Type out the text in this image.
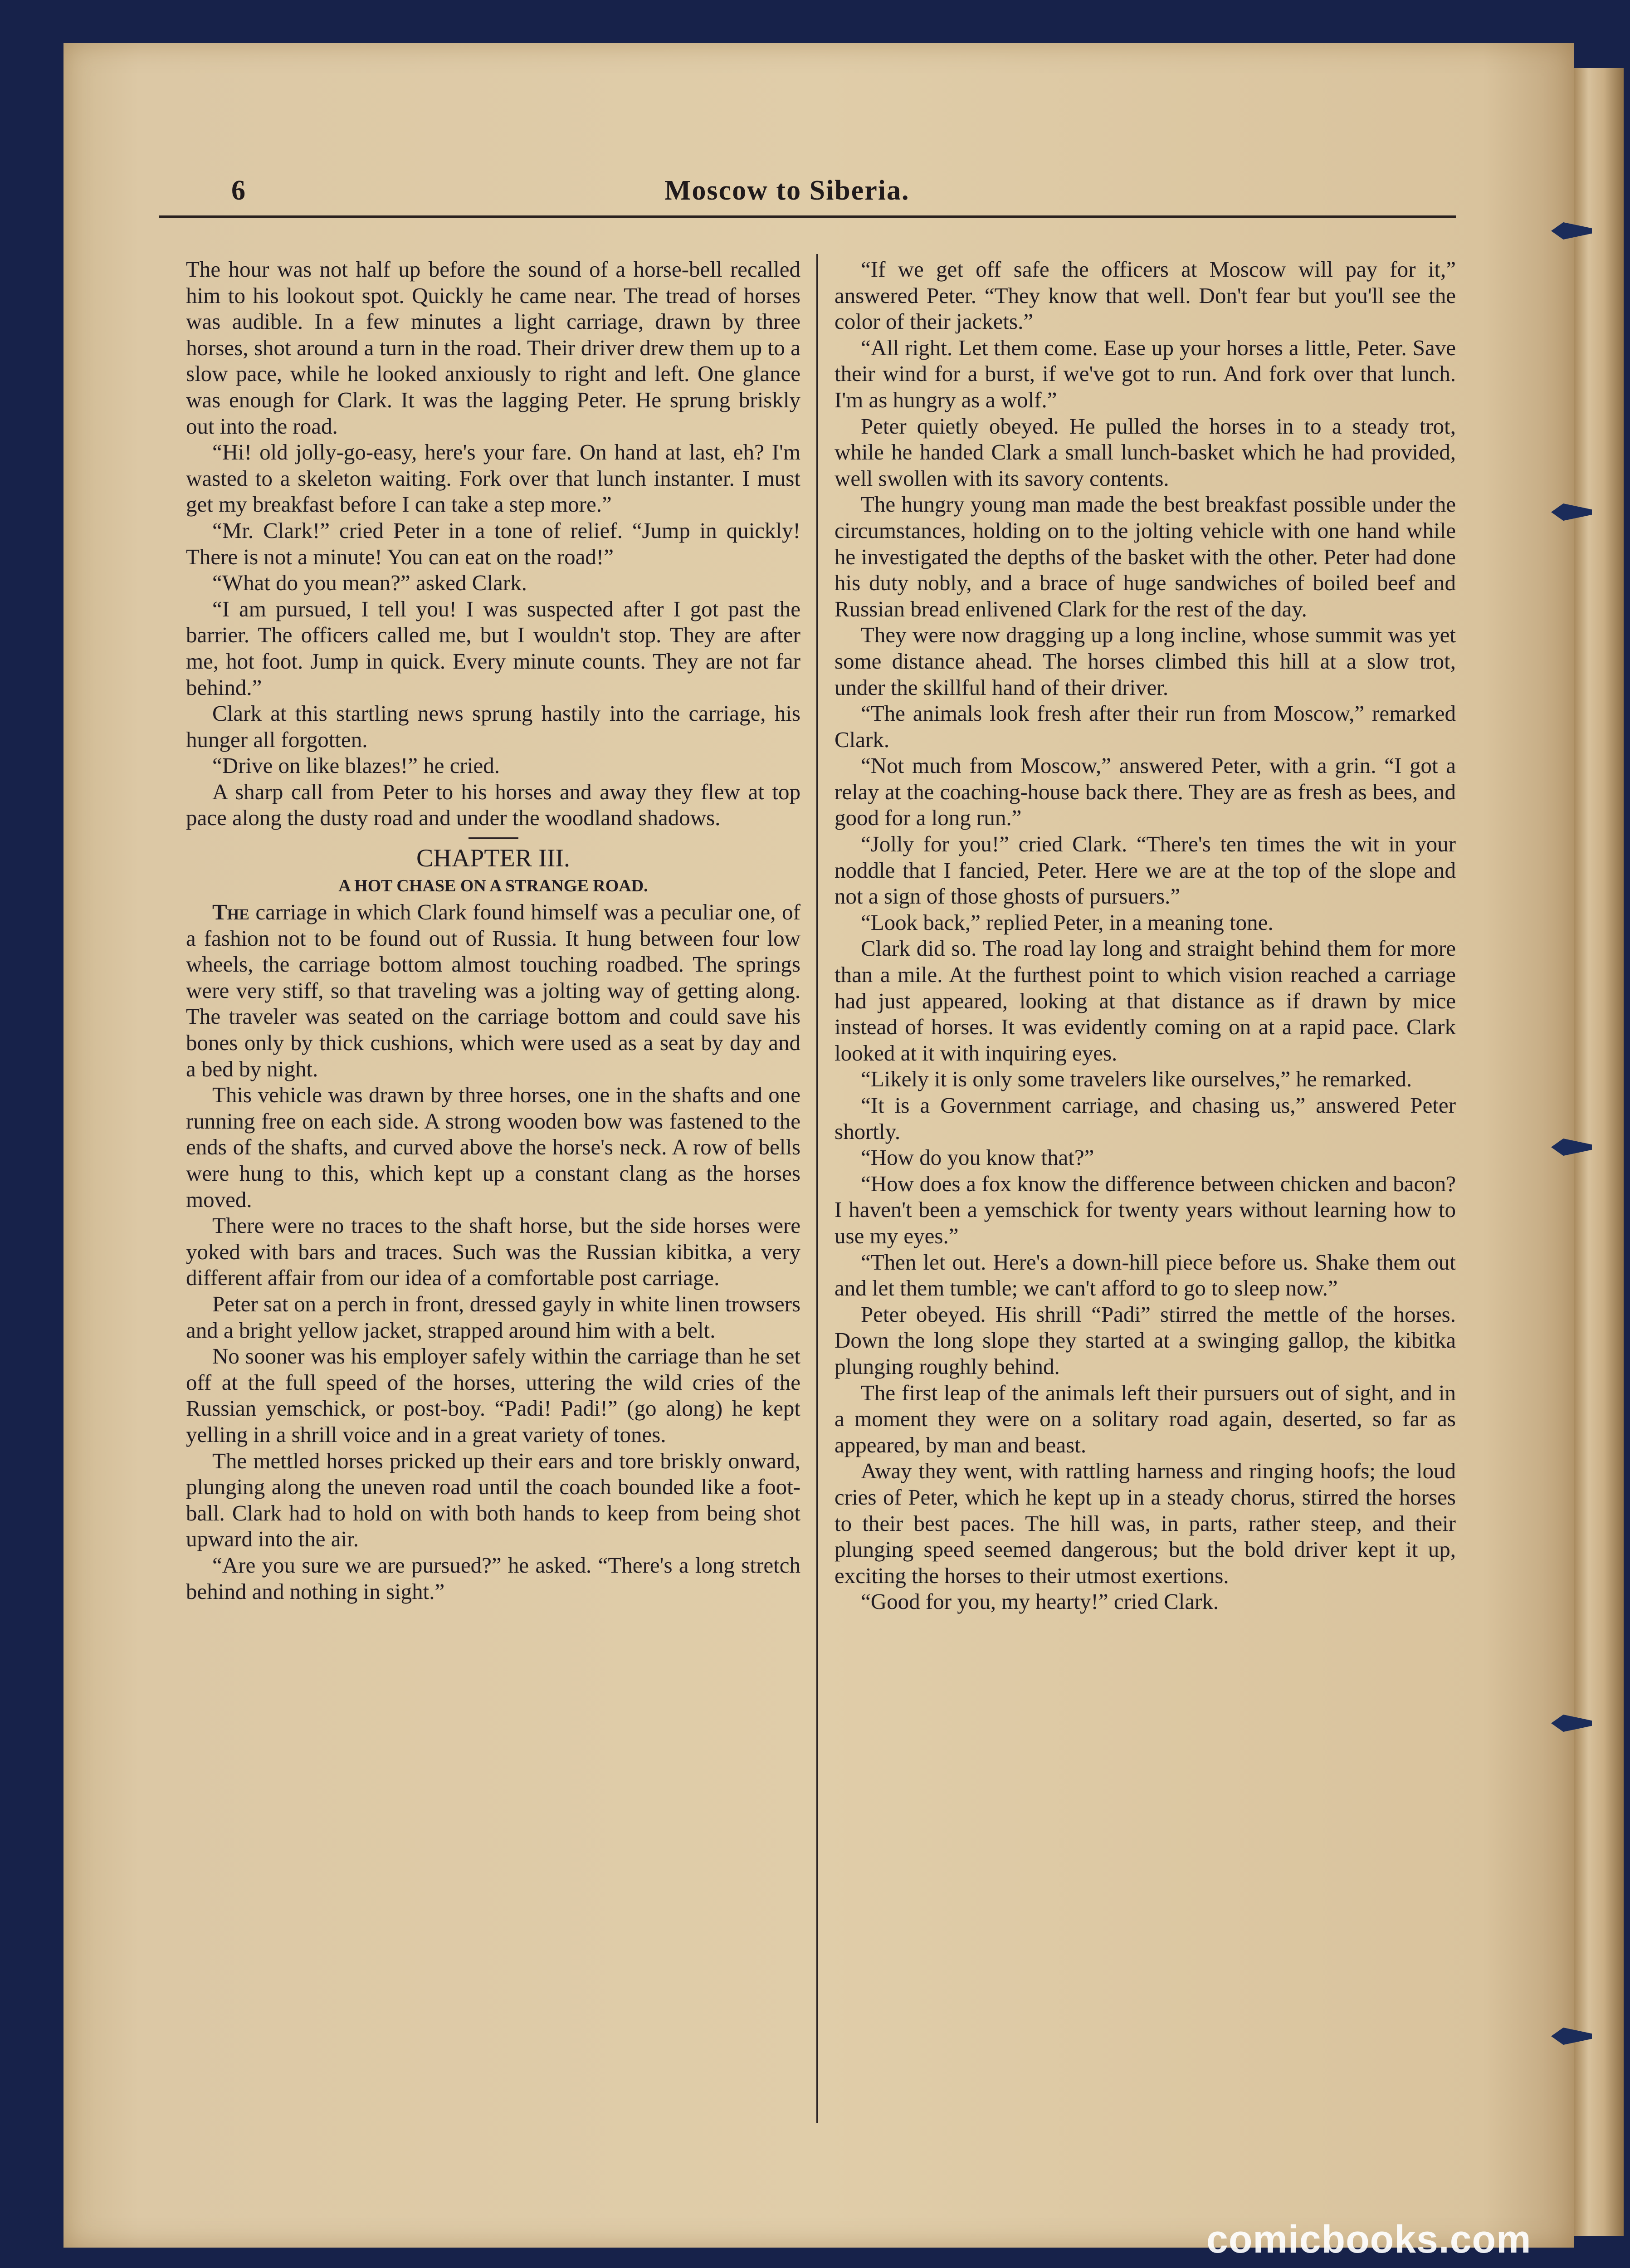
6	Moscow to Siberia.

The hour was not half up before the sound of a horse-bell recalled him to his lookout spot. Quickly he came near. The tread of horses was audible. In a few minutes a light carriage, drawn by three horses, shot around a turn in the road. Their driver drew them up to a slow pace, while he looked anxiously to right and left. One glance was enough for Clark. It was the lagging Peter. He sprung briskly out into the road.

“Hi! old jolly-go-easy, here's your fare. On hand at last, eh? I'm wasted to a skeleton waiting. Fork over that lunch instanter. I must get my breakfast before I can take a step more.”

“Mr. Clark!” cried Peter in a tone of relief. “Jump in quickly! There is not a minute! You can eat on the road!”

“What do you mean?” asked Clark.

“I am pursued, I tell you! I was suspected after I got past the barrier. The officers called me, but I wouldn't stop. They are after me, hot foot. Jump in quick. Every minute counts. They are not far behind.”

Clark at this startling news sprung hastily into the carriage, his hunger all forgotten.

“Drive on like blazes!” he cried.

A sharp call from Peter to his horses and away they flew at top pace along the dusty road and under the woodland shadows.

CHAPTER III.
A HOT CHASE ON A STRANGE ROAD.

The carriage in which Clark found himself was a peculiar one, of a fashion not to be found out of Russia. It hung between four low wheels, the carriage bottom almost touching roadbed. The springs were very stiff, so that traveling was a jolting way of getting along. The traveler was seated on the carriage bottom and could save his bones only by thick cushions, which were used as a seat by day and a bed by night.

This vehicle was drawn by three horses, one in the shafts and one running free on each side. A strong wooden bow was fastened to the ends of the shafts, and curved above the horse's neck. A row of bells were hung to this, which kept up a constant clang as the horses moved.

There were no traces to the shaft horse, but the side horses were yoked with bars and traces. Such was the Russian kibitka, a very different affair from our idea of a comfortable post carriage.

Peter sat on a perch in front, dressed gayly in white linen trowsers and a bright yellow jacket, strapped around him with a belt.

No sooner was his employer safely within the carriage than he set off at the full speed of the horses, uttering the wild cries of the Russian yemschick, or post-boy. “Padi! Padi!” (go along) he kept yelling in a shrill voice and in a great variety of tones.

The mettled horses pricked up their ears and tore briskly onward, plunging along the uneven road until the coach bounded like a foot-ball. Clark had to hold on with both hands to keep from being shot upward into the air.

“Are you sure we are pursued?” he asked. “There's a long stretch behind and nothing in sight.”

“If we get off safe the officers at Moscow will pay for it,” answered Peter. “They know that well. Don't fear but you'll see the color of their jackets.”

“All right. Let them come. Ease up your horses a little, Peter. Save their wind for a burst, if we've got to run. And fork over that lunch. I'm as hungry as a wolf.”

Peter quietly obeyed. He pulled the horses in to a steady trot, while he handed Clark a small lunch-basket which he had provided, well swollen with its savory contents.

The hungry young man made the best breakfast possible under the circumstances, holding on to the jolting vehicle with one hand while he investigated the depths of the basket with the other. Peter had done his duty nobly, and a brace of huge sandwiches of boiled beef and Russian bread enlivened Clark for the rest of the day.

They were now dragging up a long incline, whose summit was yet some distance ahead. The horses climbed this hill at a slow trot, under the skillful hand of their driver.

“The animals look fresh after their run from Moscow,” remarked Clark.

“Not much from Moscow,” answered Peter, with a grin. “I got a relay at the coaching-house back there. They are as fresh as bees, and good for a long run.”

“Jolly for you!” cried Clark. “There's ten times the wit in your noddle that I fancied, Peter. Here we are at the top of the slope and not a sign of those ghosts of pursuers.”

“Look back,” replied Peter, in a meaning tone.

Clark did so. The road lay long and straight behind them for more than a mile. At the furthest point to which vision reached a carriage had just appeared, looking at that distance as if drawn by mice instead of horses. It was evidently coming on at a rapid pace. Clark looked at it with inquiring eyes.

“Likely it is only some travelers like ourselves,” he remarked.

“It is a Government carriage, and chasing us,” answered Peter shortly.

“How do you know that?”

“How does a fox know the difference between chicken and bacon? I haven't been a yemschick for twenty years without learning how to use my eyes.”

“Then let out. Here's a down-hill piece before us. Shake them out and let them tumble; we can't afford to go to sleep now.”

Peter obeyed. His shrill “Padi” stirred the mettle of the horses. Down the long slope they started at a swinging gallop, the kibitka plunging roughly behind.

The first leap of the animals left their pursuers out of sight, and in a moment they were on a solitary road again, deserted, so far as appeared, by man and beast.

Away they went, with rattling harness and ringing hoofs; the loud cries of Peter, which he kept up in a steady chorus, stirred the horses to their best paces. The hill was, in parts, rather steep, and their plunging speed seemed dangerous; but the bold driver kept it up, exciting the horses to their utmost exertions.

“Good for you, my hearty!” cried Clark.

comicbooks.com
